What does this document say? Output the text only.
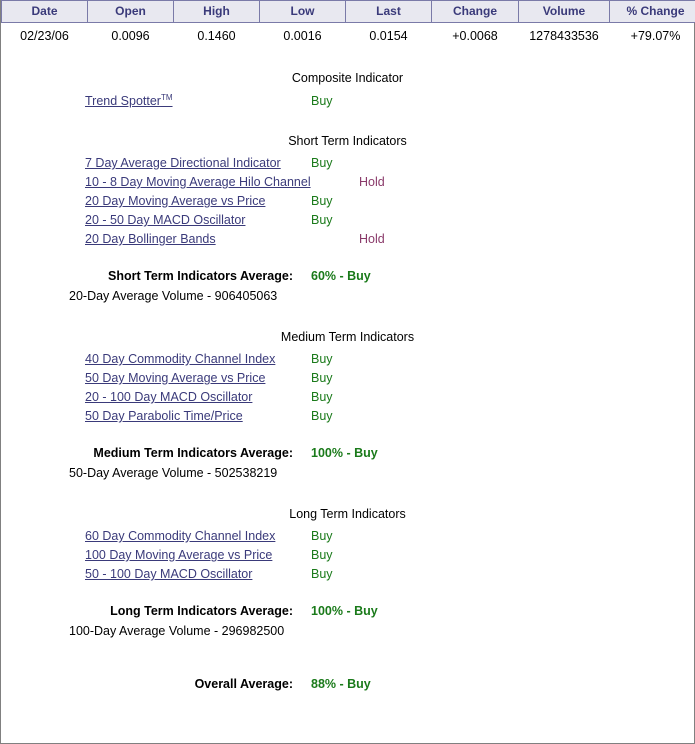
Date	Open	High	Low	Last	Change	Volume	% Change
02/23/06	0.0096	0.1460	0.0016	0.0154	+0.0068	1278433536	+79.07%
Composite Indicator
Trend Spotter™	Buy
Short Term Indicators
7 Day Average Directional Indicator	Buy
10 - 8 Day Moving Average Hilo Channel	Hold
20 Day Moving Average vs Price	Buy
20 - 50 Day MACD Oscillator	Buy
20 Day Bollinger Bands	Hold
Short Term Indicators Average:	60% - Buy
20-Day Average Volume - 906405063
Medium Term Indicators
40 Day Commodity Channel Index	Buy
50 Day Moving Average vs Price	Buy
20 - 100 Day MACD Oscillator	Buy
50 Day Parabolic Time/Price	Buy
Medium Term Indicators Average:	100% - Buy
50-Day Average Volume - 502538219
Long Term Indicators
60 Day Commodity Channel Index	Buy
100 Day Moving Average vs Price	Buy
50 - 100 Day MACD Oscillator	Buy
Long Term Indicators Average:	100% - Buy
100-Day Average Volume - 296982500
Overall Average:	88% - Buy
